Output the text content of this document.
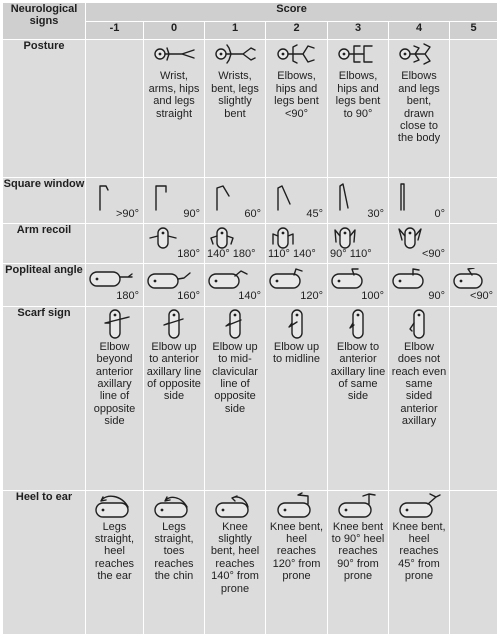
Neurological signs	Score						
	-1	0	1	2	3	4	5
Posture		Wrist, arms, hips and legs straight	Wrists, bent, legs slightly bent	Elbows, hips and legs bent <90°	Elbows, hips and legs bent to 90°	Elbows and legs bent, drawn close to the body	

Square window	>90°	90°	60°	45°	30°	0°	

Arm recoil		180°	140° 180°	110° 140°	90° 110°	<90°	

Popliteal angle	180°	160°	140°	120°	100°	90°	<90°

Scarf sign	Elbow beyond anterior axillary line of opposite side	Elbow up to anterior axillary line of opposite side	Elbow up to mid-clavicular line of opposite side	Elbow up to midline	Elbow to anterior axillary line of same side	Elbow does not reach even same sided anterior axillary	

Heel to ear	Legs straight, heel reaches the ear	Legs straight, toes reaches the chin	Knee slightly bent, heel reaches 140° from prone	Knee bent, heel reaches 120° from prone	Knee bent to 90° heel reaches 90° from prone	Knee bent, heel reaches 45° from prone	
